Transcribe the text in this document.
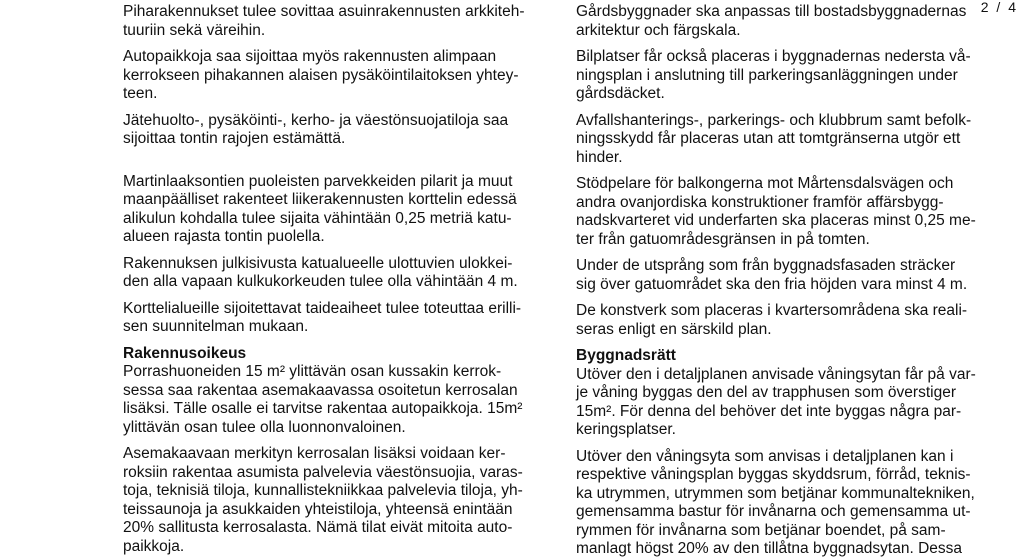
2 / 4

Piharakennukset tulee sovittaa asuinrakennusten arkkiteh-
tuuriin sekä väreihin.

Autopaikkoja saa sijoittaa myös rakennusten alimpaan
kerrokseen pihakannen alaisen pysäköintilaitoksen yhtey-
teen.

Jätehuolto-, pysäköinti-, kerho- ja väestönsuojatiloja saa
sijoittaa tontin rajojen estämättä.

Martinlaaksontien puoleisten parvekkeiden pilarit ja muut
maanpäälliset rakenteet liikerakennusten korttelin edessä
alikulun kohdalla tulee sijaita vähintään 0,25 metriä katu-
alueen rajasta tontin puolella.

Rakennuksen julkisivusta katualueelle ulottuvien ulokkei-
den alla vapaan kulkukorkeuden tulee olla vähintään 4 m.

Korttelialueille sijoitettavat taideaiheet tulee toteuttaa erilli-
sen suunnitelman mukaan.

Rakennusoikeus

Porrashuoneiden 15 m² ylittävän osan kussakin kerrok-
sessa saa rakentaa asemakaavassa osoitetun kerrosalan
lisäksi. Tälle osalle ei tarvitse rakentaa autopaikkoja. 15m²
ylittävän osan tulee olla luonnonvaloinen.

Asemakaavaan merkityn kerrosalan lisäksi voidaan ker-
roksiin rakentaa asumista palvelevia väestönsuojia, varas-
toja, teknisiä tiloja, kunnallistekniikkaa palvelevia tiloja, yh-
teissaunoja ja asukkaiden yhteistiloja, yhteensä enintään
20% sallitusta kerrosalasta. Nämä tilat eivät mitoita auto-
paikkoja.

Gårdsbyggnader ska anpassas till bostadsbyggnadernas
arkitektur och färgskala.

Bilplatser får också placeras i byggnadernas nedersta vå-
ningsplan i anslutning till parkeringsanläggningen under
gårdsdäcket.

Avfallshanterings-, parkerings- och klubbrum samt befolk-
ningsskydd får placeras utan att tomtgränserna utgör ett
hinder.

Stödpelare för balkongerna mot Mårtensdalsvägen och
andra ovanjordiska konstruktioner framför affärsbygg-
nadskvarteret vid underfarten ska placeras minst 0,25 me-
ter från gatuområdesgränsen in på tomten.

Under de utsprång som från byggnadsfasaden sträcker
sig över gatuområdet ska den fria höjden vara minst 4 m.

De konstverk som placeras i kvartersområdena ska reali-
seras enligt en särskild plan.

Byggnadsrätt

Utöver den i detaljplanen anvisade våningsytan får på var-
je våning byggas den del av trapphusen som överstiger
15m². För denna del behöver det inte byggas några par-
keringsplatser.

Utöver den våningsyta som anvisas i detaljplanen kan i
respektive våningsplan byggas skyddsrum, förråd, teknis-
ka utrymmen, utrymmen som betjänar kommunaltekniken,
gemensamma bastur för invånarna och gemensamma ut-
rymmen för invånarna som betjänar boendet, på sam-
manlagt högst 20% av den tillåtna byggnadsytan. Dessa
